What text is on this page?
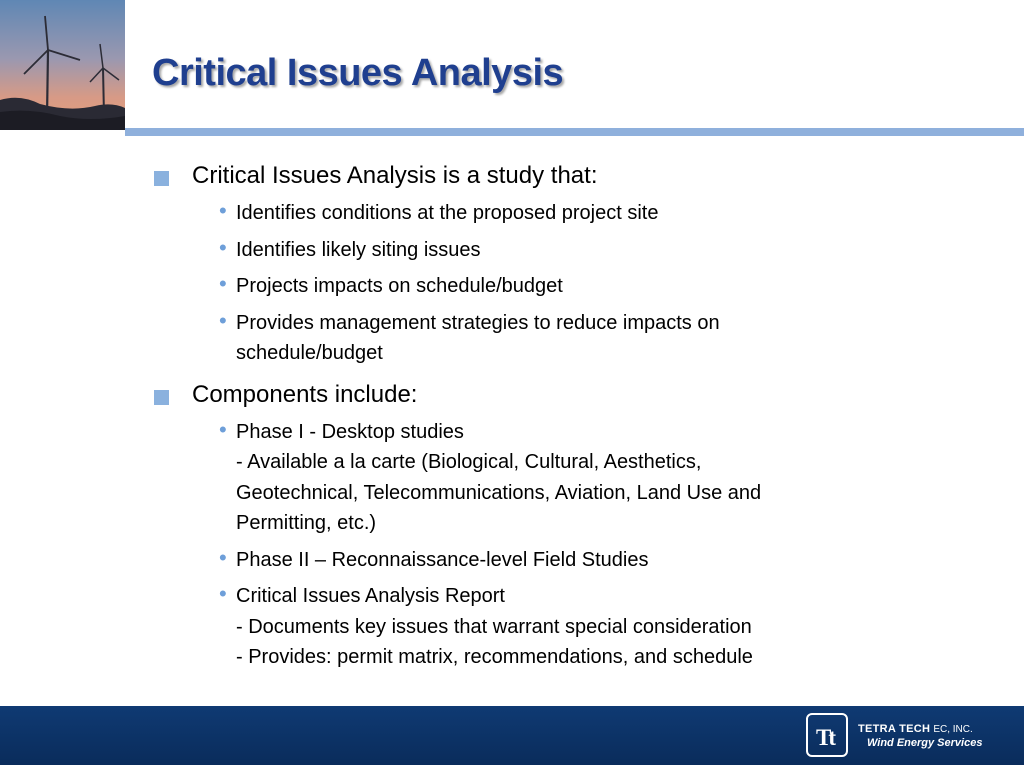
Critical Issues Analysis
Critical Issues Analysis is a study that:
• Identifies conditions at the proposed project site
• Identifies likely siting issues
• Projects impacts on schedule/budget
• Provides management strategies to reduce impacts on
schedule/budget
Components include:
• Phase I - Desktop studies
- Available a la carte (Biological, Cultural, Aesthetics,
Geotechnical, Telecommunications, Aviation, Land Use and
Permitting, etc.)
• Phase II – Reconnaissance-level Field Studies
• Critical Issues Analysis Report
- Documents key issues that warrant special consideration
- Provides: permit matrix, recommendations, and schedule
Tt TETRA TECH EC, INC.
Wind Energy Services
